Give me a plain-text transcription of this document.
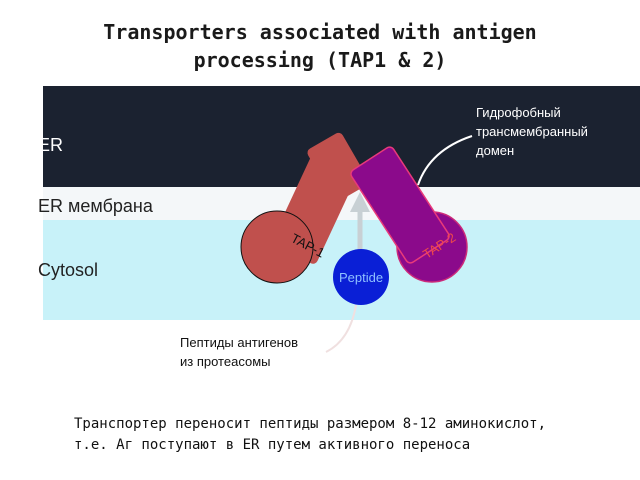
Transporters associated with antigen
processing (TAP1 & 2)
ER
ER мембрана
Cytosol
TAP-1	TAP-2
Peptide

Гидрофобный
трансмембранный
домен

Пептиды антигенов
из протеасомы

Транспортер переносит пептиды размером 8-12 аминокислот,
т.е. Аг поступают в ER путем активного переноса
